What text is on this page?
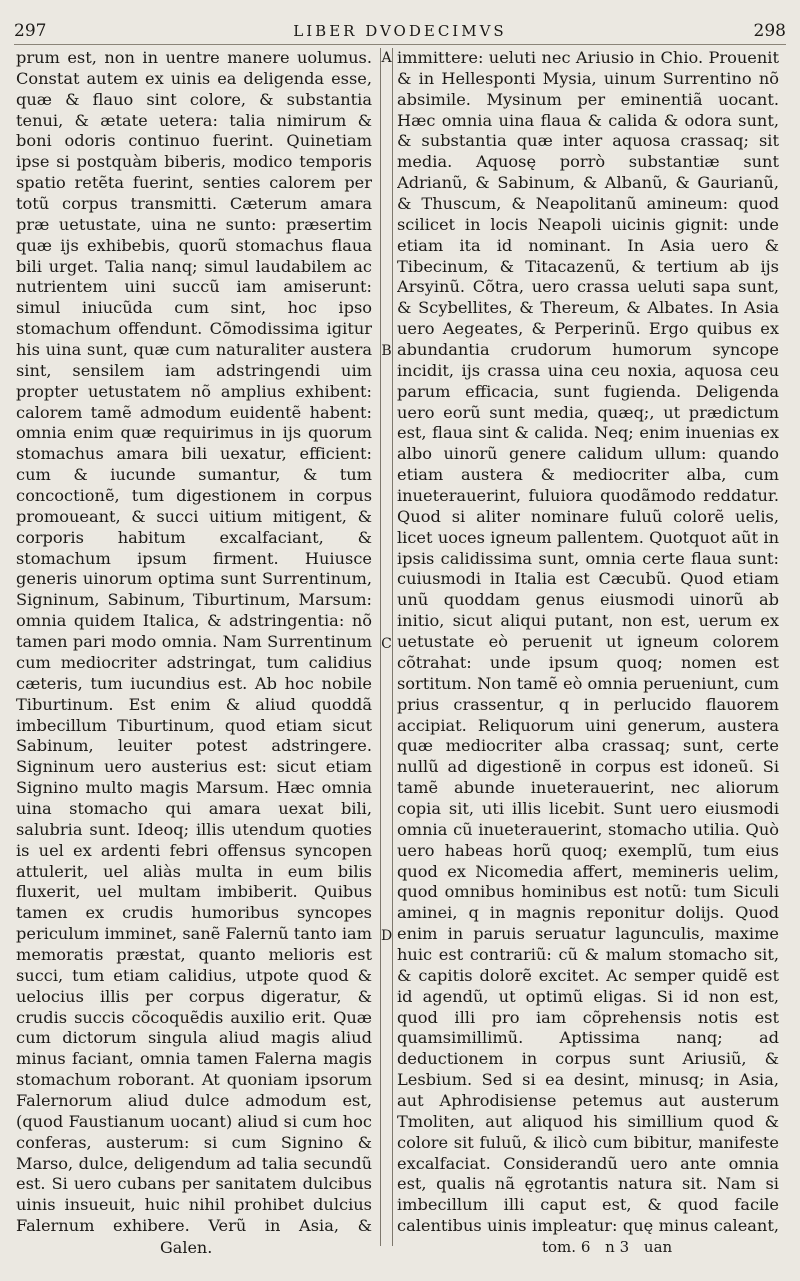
297	LIBER DVODECIMVS	298

prum est, non in uentre manere uolumus. Constat autem ex uinis ea deligenda esse, quæ & flauo sint colore, & substantia tenui, & ætate uetera: talia nimirum & boni odoris continuo fuerint. Quinetiam ipse si postquàm biberis, modico temporis spatio retẽta fuerint, senties calorem per totũ corpus transmitti. Cæterum amara præ uetustate, uina ne sunto: præsertim quæ ijs exhibebis, quorũ stomachus flaua bili urget. Talia nanq; simul laudabilem ac nutrientem uini succũ iam amiserunt: simul iniucũda cum sint, hoc ipso stomachum offendunt. Cõmodissima igitur his uina sunt, quæ cum naturaliter austera sint, sensilem iam adstringendi uim propter uetustatem nõ amplius exhibent: calorem tamẽ admodum euidentẽ habent: omnia enim quæ requirimus in ijs quorum stomachus amara bili uexatur, efficient: cum & iucunde sumantur, & tum concoctionẽ, tum digestionem in corpus promoueant, & succi uitium mitigent, & corporis habitum excalfaciant, & stomachum ipsum firment. Huiusce generis uinorum optima sunt Surrentinum, Signinum, Sabinum, Tiburtinum, Marsum: omnia quidem Italica, & adstringentia: nõ tamen pari modo omnia. Nam Surrentinum cum mediocriter adstringat, tum calidius cæteris, tum iucundius est. Ab hoc nobile Tiburtinum. Est enim & aliud quoddã imbecillum Tiburtinum, quod etiam sicut Sabinum, leuiter potest adstringere. Signinum uero austerius est: sicut etiam Signino multo magis Marsum. Hæc omnia uina stomacho qui amara uexat bili, salubria sunt. Ideoq; illis utendum quoties is uel ex ardenti febri offensus syncopen attulerit, uel aliàs multa in eum bilis fluxerit, uel multam imbiberit. Quibus tamen ex crudis humoribus syncopes periculum imminet, sanẽ Falernũ tanto iam memoratis præstat, quanto melioris est succi, tum etiam calidius, utpote quod & uelocius illis per corpus digeratur, & crudis succis cõcoquẽdis auxilio erit. Quæ cum dictorum singula aliud magis aliud minus faciant, omnia tamen Falerna magis stomachum roborant. At quoniam ipsorum Falernorum aliud dulce admodum est, (quod Faustianum uocant) aliud si cum hoc conferas, austerum: si cum Signino & Marso, dulce, deligendum ad talia secundũ est. Si uero cubans per sanitatem dulcibus uinis insueuit, huic nihil prohibet dulcius Falernum exhibere. Verũ in Asia, &

A
B
C
D

immittere: ueluti nec Ariusio in Chio. Prouenit & in Hellesponti Mysia, uinum Surrentino nõ absimile. Mysinum per eminentiã uocant. Hæc omnia uina flaua & calida & odora sunt, & substantia quæ inter aquosa crassaq; sit media. Aquosę porrò substantiæ sunt Adrianũ, & Sabinum, & Albanũ, & Gaurianũ, & Thuscum, & Neapolitanũ amineum: quod scilicet in locis Neapoli uicinis gignit: unde etiam ita id nominant. In Asia uero & Tibecinum, & Titacazenũ, & tertium ab ijs Arsyinũ. Cõtra, uero crassa ueluti sapa sunt, & Scybellites, & Thereum, & Albates. In Asia uero Aegeates, & Perperinũ. Ergo quibus ex abundantia crudorum humorum syncope incidit, ijs crassa uina ceu noxia, aquosa ceu parum efficacia, sunt fugienda. Deligenda uero eorũ sunt media, quæq;, ut prædictum est, flaua sint & calida. Neq; enim inuenias ex albo uinorũ genere calidum ullum: quando etiam austera & mediocriter alba, cum inueterauerint, fuluiora quodãmodo reddatur. Quod si aliter nominare fuluũ colorẽ uelis, licet uoces igneum pallentem. Quotquot aũt in ipsis calidissima sunt, omnia certe flaua sunt: cuiusmodi in Italia est Cæcubũ. Quod etiam unũ quoddam genus eiusmodi uinorũ ab initio, sicut aliqui putant, non est, uerum ex uetustate eò peruenit ut igneum colorem cõtrahat: unde ipsum quoq; nomen est sortitum. Non tamẽ eò omnia perueniunt, cum prius crassentur, q in perlucido flauorem accipiat. Reliquorum uini generum, austera quæ mediocriter alba crassaq; sunt, certe nullũ ad digestionẽ in corpus est idoneũ. Si tamẽ abunde inueterauerint, nec aliorum copia sit, uti illis licebit. Sunt uero eiusmodi omnia cũ inueterauerint, stomacho utilia. Quò uero habeas horũ quoq; exemplũ, tum eius quod ex Nicomedia affert, memineris uelim, quod omnibus hominibus est notũ: tum Siculi aminei, q in magnis reponitur dolijs. Quod enim in paruis seruatur lagunculis, maxime huic est contrariũ: cũ & malum stomacho sit, & capitis dolorẽ excitet. Ac semper quidẽ est id agendũ, ut optimũ eligas. Si id non est, quod illi pro iam cõprehensis notis est quamsimillimũ. Aptissima nanq; ad deductionem in corpus sunt Ariusiũ, & Lesbium. Sed si ea desint, minusq; in Asia, aut Aphrodisiense petemus aut austerum Tmoliten, aut aliquod his simillium quod & colore sit fuluũ, & ilicò cum bibitur, manifeste excalfaciat. Considerandũ uero ante omnia est, qualis nã ęgrotantis natura sit. Nam si imbecillum illi caput est, & quod facile calentibus uinis impleatur: quę minus caleant,

Galen.	tom. 6 n 3 uan
